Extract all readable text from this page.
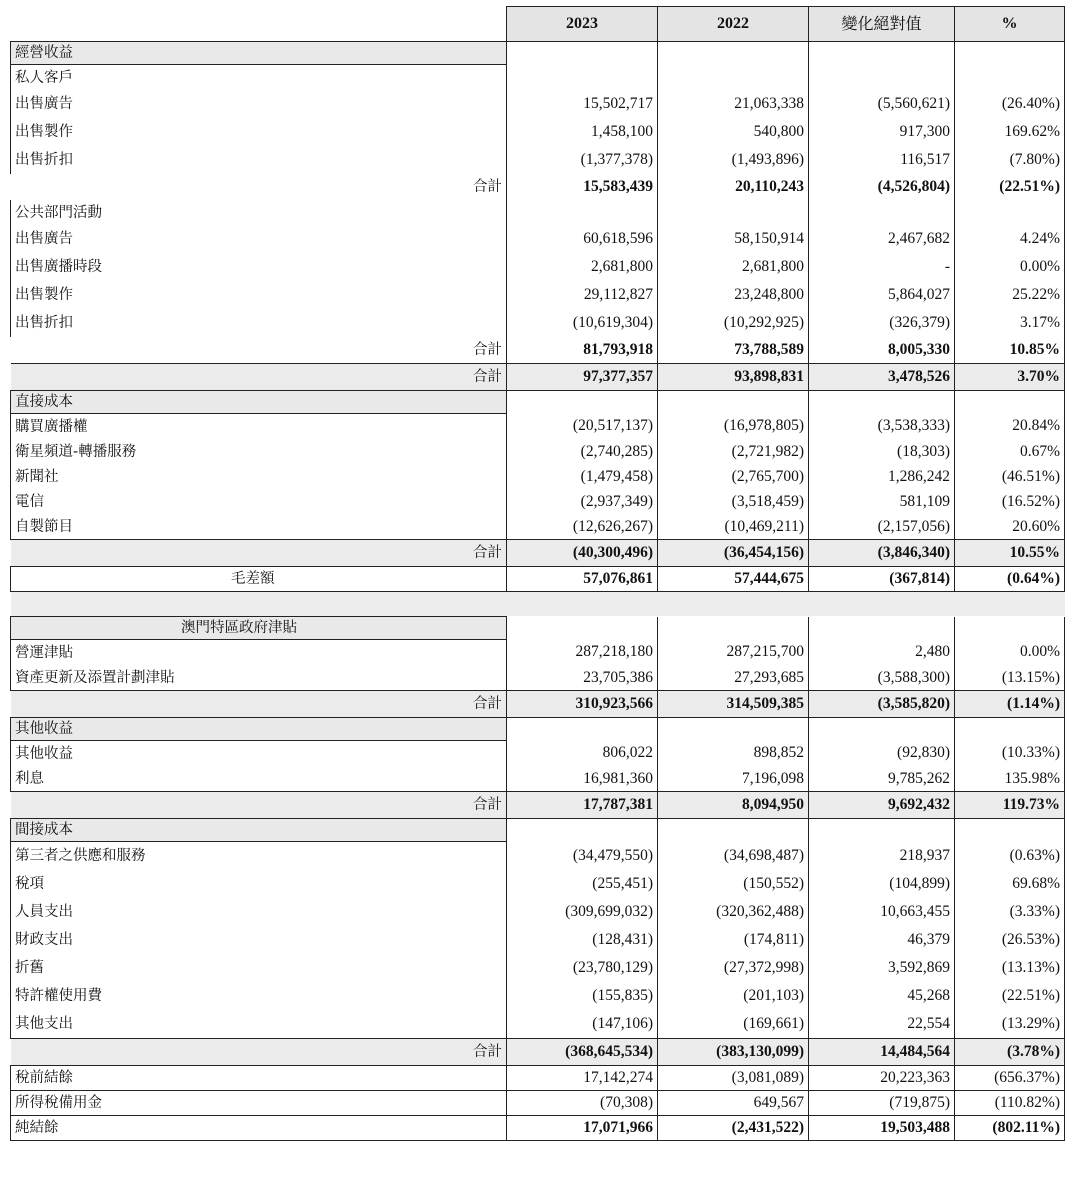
	2023	2022	變化絕對值	%
經營收益				
私人客戶				
出售廣告	15,502,717	21,063,338	(5,560,621)	(26.40%)
出售製作	1,458,100	540,800	917,300	169.62%
出售折扣	(1,377,378)	(1,493,896)	116,517	(7.80%)
合計	15,583,439	20,110,243	(4,526,804)	(22.51%)
公共部門活動				
出售廣告	60,618,596	58,150,914	2,467,682	4.24%
出售廣播時段	2,681,800	2,681,800	-	0.00%
出售製作	29,112,827	23,248,800	5,864,027	25.22%
出售折扣	(10,619,304)	(10,292,925)	(326,379)	3.17%
合計	81,793,918	73,788,589	8,005,330	10.85%
合計	97,377,357	93,898,831	3,478,526	3.70%
直接成本				
購買廣播權	(20,517,137)	(16,978,805)	(3,538,333)	20.84%
衛星頻道-轉播服務	(2,740,285)	(2,721,982)	(18,303)	0.67%
新聞社	(1,479,458)	(2,765,700)	1,286,242	(46.51%)
電信	(2,937,349)	(3,518,459)	581,109	(16.52%)
自製節目	(12,626,267)	(10,469,211)	(2,157,056)	20.60%
合計	(40,300,496)	(36,454,156)	(3,846,340)	10.55%
毛差額	57,076,861	57,444,675	(367,814)	(0.64%)

澳門特區政府津貼				
營運津貼	287,218,180	287,215,700	2,480	0.00%
資產更新及添置計劃津貼	23,705,386	27,293,685	(3,588,300)	(13.15%)
合計	310,923,566	314,509,385	(3,585,820)	(1.14%)
其他收益				
其他收益	806,022	898,852	(92,830)	(10.33%)
利息	16,981,360	7,196,098	9,785,262	135.98%
合計	17,787,381	8,094,950	9,692,432	119.73%
間接成本				
第三者之供應和服務	(34,479,550)	(34,698,487)	218,937	(0.63%)
稅項	(255,451)	(150,552)	(104,899)	69.68%
人員支出	(309,699,032)	(320,362,488)	10,663,455	(3.33%)
財政支出	(128,431)	(174,811)	46,379	(26.53%)
折舊	(23,780,129)	(27,372,998)	3,592,869	(13.13%)
特許權使用費	(155,835)	(201,103)	45,268	(22.51%)
其他支出	(147,106)	(169,661)	22,554	(13.29%)
合計	(368,645,534)	(383,130,099)	14,484,564	(3.78%)
稅前結餘	17,142,274	(3,081,089)	20,223,363	(656.37%)
所得稅備用金	(70,308)	649,567	(719,875)	(110.82%)
純結餘	17,071,966	(2,431,522)	19,503,488	(802.11%)
